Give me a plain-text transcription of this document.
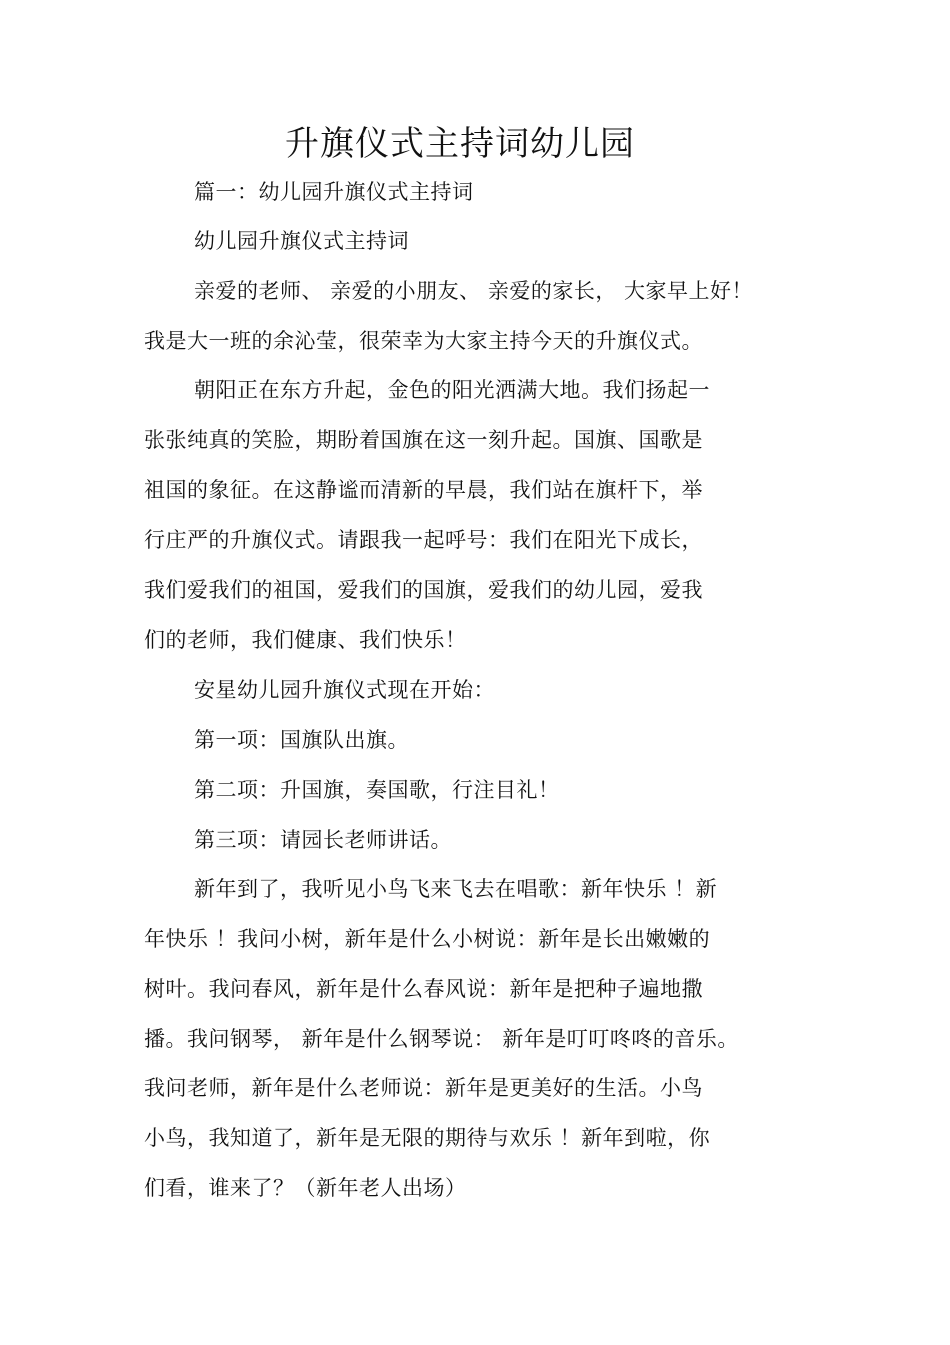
升旗仪式主持词幼儿园
篇一：幼儿园升旗仪式主持词
幼儿园升旗仪式主持词
亲爱的老师、 亲爱的小朋友、 亲爱的家长， 大家早上好！
我是大一班的余沁莹，很荣幸为大家主持今天的升旗仪式。
朝阳正在东方升起，金色的阳光洒满大地。我们扬起一
张张纯真的笑脸，期盼着国旗在这一刻升起。国旗、国歌是
祖国的象征。在这静谧而清新的早晨，我们站在旗杆下，举
行庄严的升旗仪式。请跟我一起呼号：我们在阳光下成长，
我们爱我们的祖国，爱我们的国旗，爱我们的幼儿园，爱我
们的老师，我们健康、我们快乐！
安星幼儿园升旗仪式现在开始：
第一项：国旗队出旗。
第二项：升国旗，奏国歌，行注目礼！
第三项：请园长老师讲话。
新年到了，我听见小鸟飞来飞去在唱歌：新年快乐 ！新
年快乐 ！我问小树，新年是什么小树说：新年是长出嫩嫩的
树叶。我问春风，新年是什么春风说：新年是把种子遍地撒
播。我问钢琴， 新年是什么钢琴说： 新年是叮叮咚咚的音乐。
我问老师，新年是什么老师说：新年是更美好的生活。小鸟
小鸟，我知道了，新年是无限的期待与欢乐 ！新年到啦，你
们看，谁来了？（新年老人出场）
